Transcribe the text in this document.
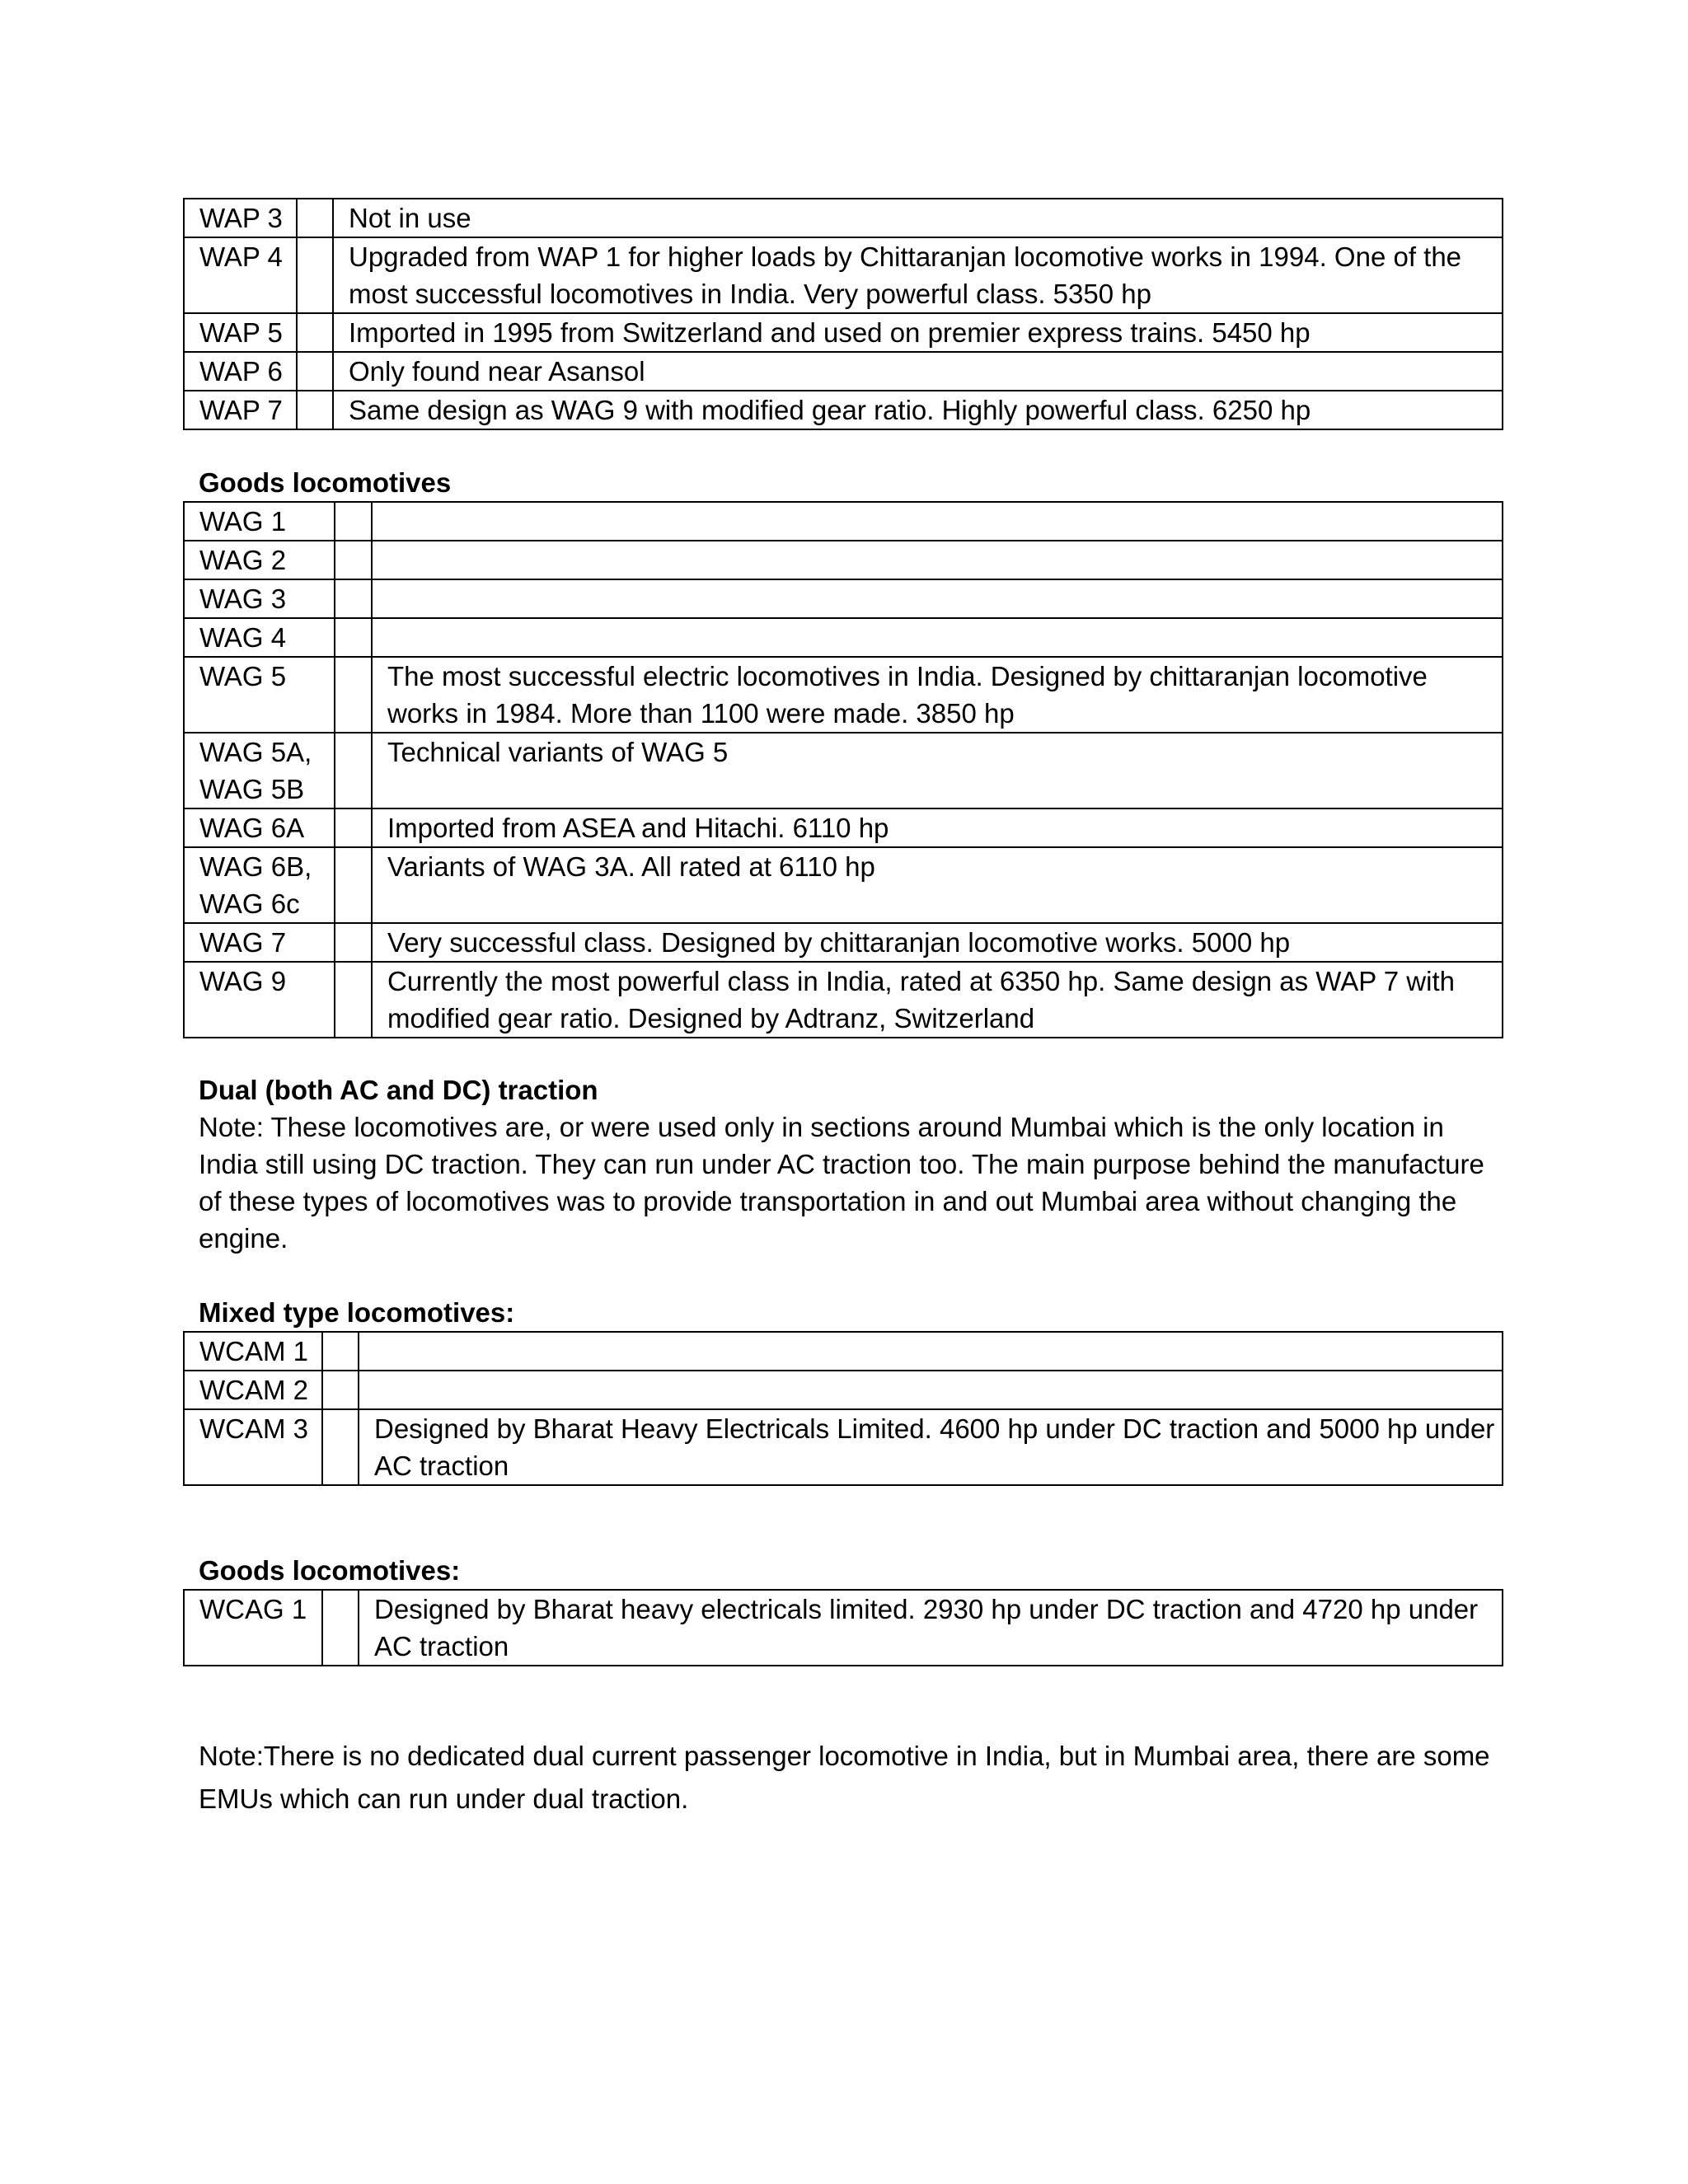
WAP 3		Not in use
WAP 4		Upgraded from WAP 1 for higher loads by Chittaranjan locomotive works in 1994. One of the most successful locomotives in India. Very powerful class. 5350 hp
WAP 5		Imported in 1995 from Switzerland and used on premier express trains. 5450 hp
WAP 6		Only found near Asansol
WAP 7		Same design as WAG 9 with modified gear ratio. Highly powerful class. 6250 hp
Goods locomotives
WAG 1		
WAG 2		
WAG 3		
WAG 4		
WAG 5		The most successful electric locomotives in India. Designed by chittaranjan locomotive works in 1984. More than 1100 were made. 3850 hp
WAG 5A, WAG 5B		Technical variants of WAG 5
WAG 6A		Imported from ASEA and Hitachi. 6110 hp
WAG 6B, WAG 6c		Variants of WAG 3A. All rated at 6110 hp
WAG 7		Very successful class. Designed by chittaranjan locomotive works. 5000 hp
WAG 9		Currently the most powerful class in India, rated at 6350 hp. Same design as WAP 7 with modified gear ratio. Designed by Adtranz, Switzerland
Dual (both AC and DC) traction
Note: These locomotives are, or were used only in sections around Mumbai which is the only location in India still using DC traction. They can run under AC traction too. The main purpose behind the manufacture of these types of locomotives was to provide transportation in and out Mumbai area without changing the engine.
Mixed type locomotives:
WCAM 1		
WCAM 2		
WCAM 3		Designed by Bharat Heavy Electricals Limited. 4600 hp under DC traction and 5000 hp under AC traction
Goods locomotives:
WCAG 1		Designed by Bharat heavy electricals limited. 2930 hp under DC traction and 4720 hp under AC traction
Note:There is no dedicated dual current passenger locomotive in India, but in Mumbai area, there are some EMUs which can run under dual traction.
